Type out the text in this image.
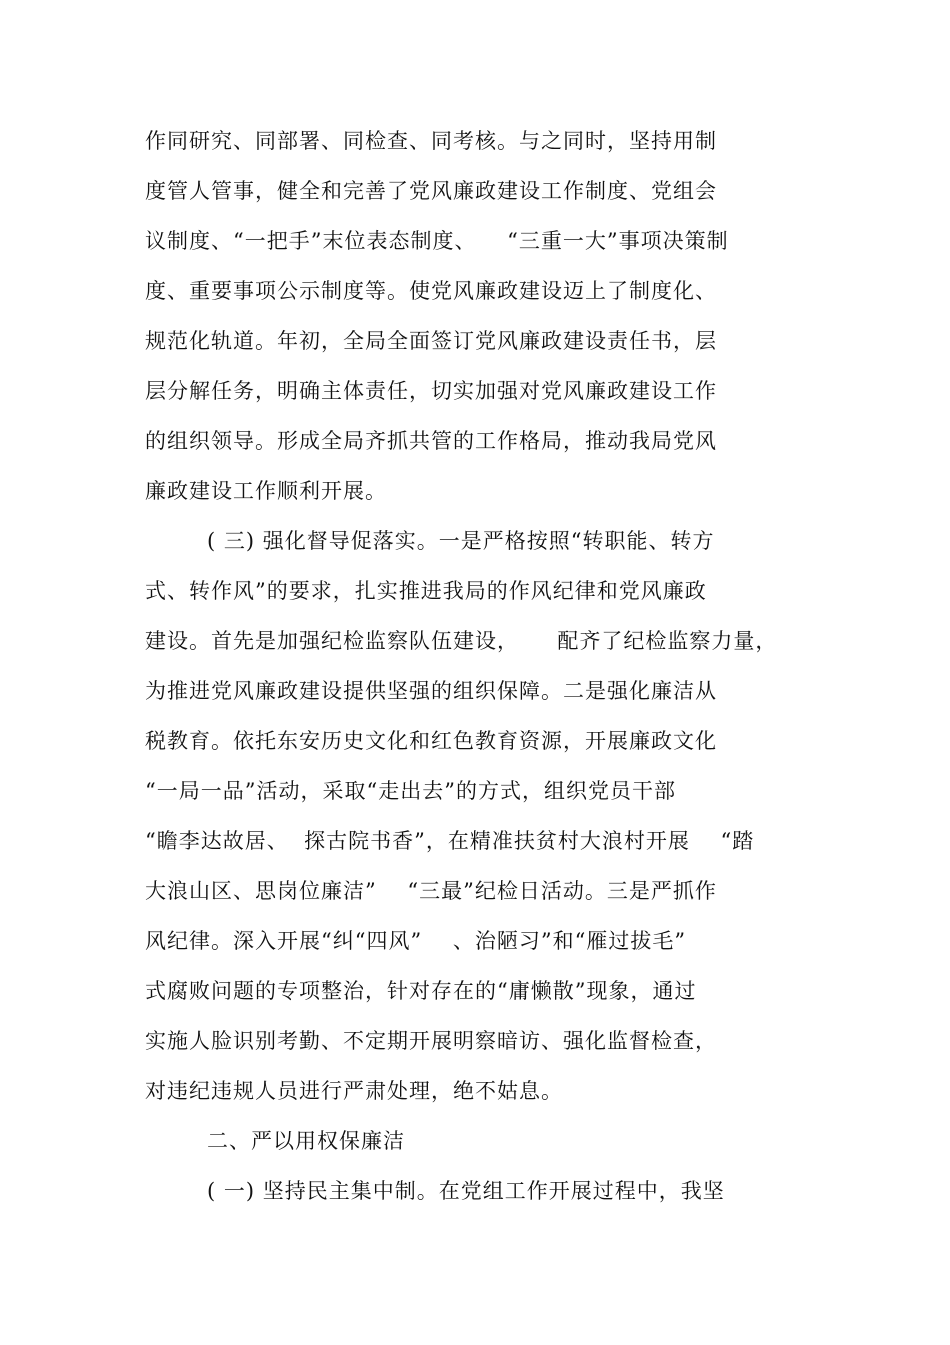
作同研究、同部署、同检查、同考核。与之同时，坚持用制
度管人管事，健全和完善了党风廉政建设工作制度、党组会
议制度、“一把手”末位表态制度、    “三重一大”事项决策制
度、重要事项公示制度等。使党风廉政建设迈上了制度化、
规范化轨道。年初，全局全面签订党风廉政建设责任书，层
层分解任务，明确主体责任，切实加强对党风廉政建设工作
的组织领导。形成全局齐抓共管的工作格局，推动我局党风
廉政建设工作顺利开展。
( 三) 强化督导促落实。一是严格按照“转职能、转方
式、转作风”的要求，扎实推进我局的作风纪律和党风廉政
建设。首先是加强纪检监察队伍建设，     配齐了纪检监察力量，
为推进党风廉政建设提供坚强的组织保障。二是强化廉洁从
税教育。依托东安历史文化和红色教育资源，开展廉政文化
“一局一品”活动，采取“走出去”的方式，组织党员干部
“瞻李达故居、  探古院书香”，在精准扶贫村大浪村开展    “踏
大浪山区、思岗位廉洁”    “三最”纪检日活动。三是严抓作
风纪律。深入开展“纠“四风”    、治陋习”和“雁过拔毛”
式腐败问题的专项整治，针对存在的“庸懒散”现象，通过
实施人脸识别考勤、不定期开展明察暗访、强化监督检查，
对违纪违规人员进行严肃处理，绝不姑息。
二、严以用权保廉洁
( 一) 坚持民主集中制。在党组工作开展过程中，我坚
